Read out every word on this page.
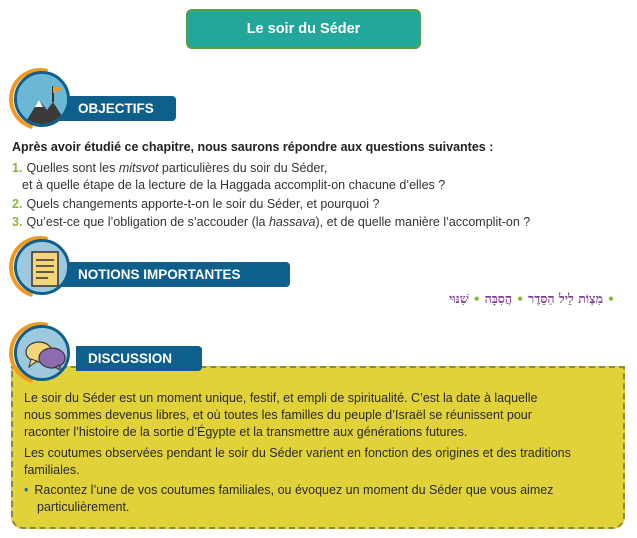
Le soir du Séder
OBJECTIFS
Après avoir étudié ce chapitre, nous saurons répondre aux questions suivantes :
1. Quelles sont les mitsvot particulières du soir du Séder,
et à quelle étape de la lecture de la Haggada accomplit-on chacune d’elles ?
2. Quels changements apporte-t-on le soir du Séder, et pourquoi ?
3. Qu’est-ce que l’obligation de s’accouder (la hassava), et de quelle manière l’accomplit-on ?
NOTIONS IMPORTANTES
•מִצְוֹת לֵיל הַסֵּדֶר•הֲסִבָּה•שִׁנּוּי
DISCUSSION
Le soir du Séder est un moment unique, festif, et empli de spiritualité. C’est la date à laquelle
nous sommes devenus libres, et où toutes les familles du peuple d’Israël se réunissent pour
raconter l’histoire de la sortie d’Égypte et la transmettre aux générations futures.
Les coutumes observées pendant le soir du Séder varient en fonction des origines et des traditions
familiales.
• Racontez l’une de vos coutumes familiales, ou évoquez un moment du Séder que vous aimez
particulièrement.
